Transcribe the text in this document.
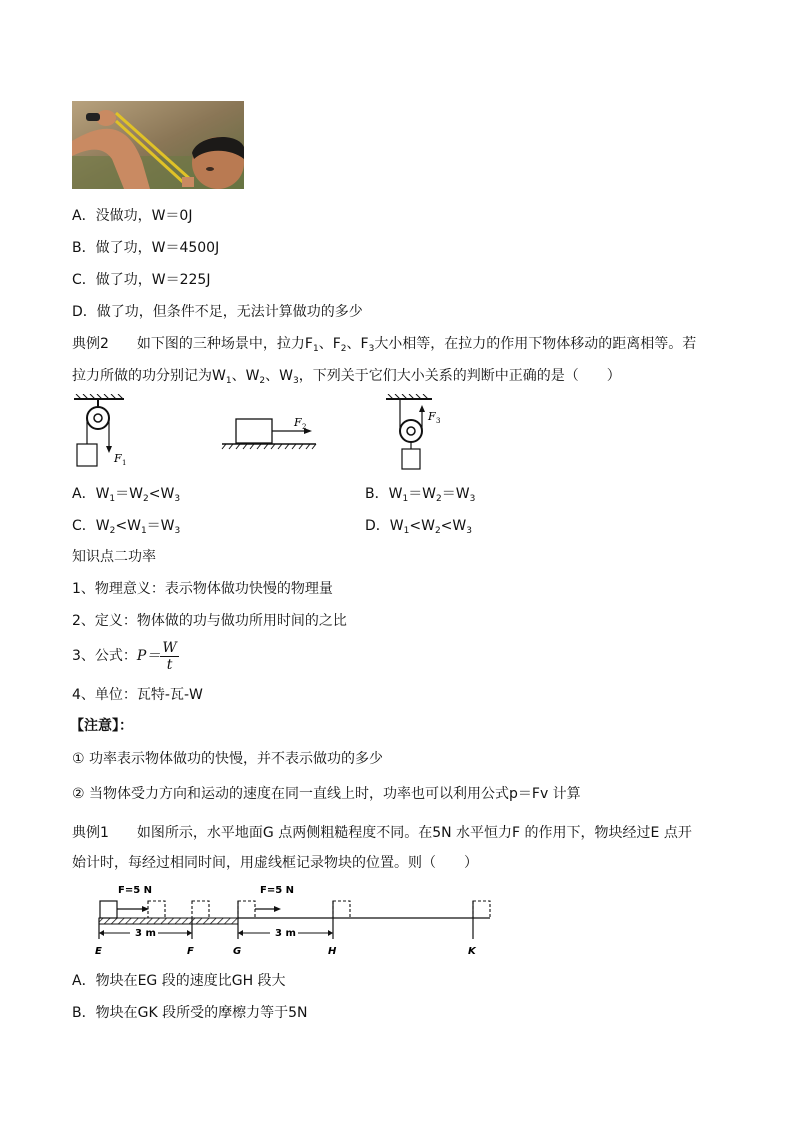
A．没做功，W＝0J
B．做了功，W＝4500J
C．做了功，W＝225J
D．做了功，但条件不足，无法计算做功的多少
典例2 如下图的三种场景中，拉力$F_1$、$F_2$、$F_3$大小相等，在拉力的作用下物体移动的距离相等。若
拉力所做的功分别记为$W_1$、$W_2$、$W_3$，下列关于它们大小关系的判断中正确的是（　　）
F 1
F 2
F 3
A．$W_1=W_2<W_3$	B．$W_1=W_2=W_3$
C．$W_2<W_1=W_3$	D．$W_1<W_2<W_3$
知识点二功率
1、物理意义：表示物体做功快慢的物理量
2、定义：物体做的功与做功所用时间的之比
3、公式：$P= \frac{W}{t}$
4、单位：瓦特-瓦-W
【注意】：
① 功率表示物体做功的快慢，并不表示做功的多少
② 当物体受力方向和运动的速度在同一直线上时，功率也可以利用公式p＝Fv 计算
典例1 如图所示，水平地面G 点两侧粗糙程度不同。在5N 水平恒力F 的作用下，物块经过E 点开
始计时，每经过相同时间，用虚线框记录物块的位置。则（　　）
F=5 N	F=5 N
3 m	3 m
E	F	G	H	K
A．物块在EG 段的速度比GH 段大
B．物块在GK 段所受的摩檫力等于5N
